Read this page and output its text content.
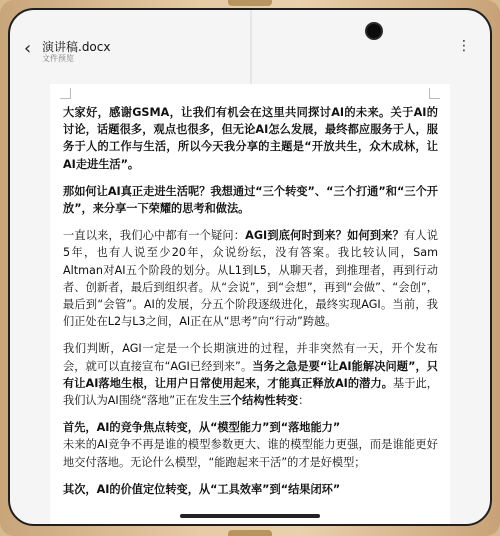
‹ 演讲稿.docx
文件预览
⋮

大家好，感谢GSMA，让我们有机会在这里共同探讨AI的未来。关于AI的讨论，话题很多，观点也很多，但无论AI怎么发展，最终都应服务于人，服务于人的工作与生活，所以今天我分享的主题是“开放共生，众木成林，让AI走进生活”。

那如何让AI真正走进生活呢？我想通过“三个转变”、“三个打通”和“三个开放”，来分享一下荣耀的思考和做法。

一直以来，我们心中都有一个疑问：AGI到底何时到来？如何到来？有人说5年，也有人说至少20年，众说纷纭，没有答案。我比较认同，Sam　Altman对AI五个阶段的划分。从L1到L5，从聊天者，到推理者，再到行动者、创新者，最后到组织者。从“会说”，到“会想”，再到“会做”、“会创”，最后到“会管”。AI的发展，分五个阶段逐级进化，最终实现AGI。当前，我们正处在L2与L3之间，AI正在从“思考”向“行动”跨越。

我们判断，AGI一定是一个长期演进的过程，并非突然有一天，开个发布会，就可以直接宣布“AGI已经到来”。当务之急是要“让AI能解决问题”，只有让AI落地生根，让用户日常使用起来，才能真正释放AI的潜力。基于此，我们认为AI围绕“落地”正在发生三个结构性转变：

首先，AI的竞争焦点转变，从“模型能力”到“落地能力”

未来的AI竞争不再是谁的模型参数更大、谁的模型能力更强，而是谁能更好地交付落地。无论什么模型，“能跑起来干活”的才是好模型；

其次，AI的价值定位转变，从“工具效率”到“结果闭环”
